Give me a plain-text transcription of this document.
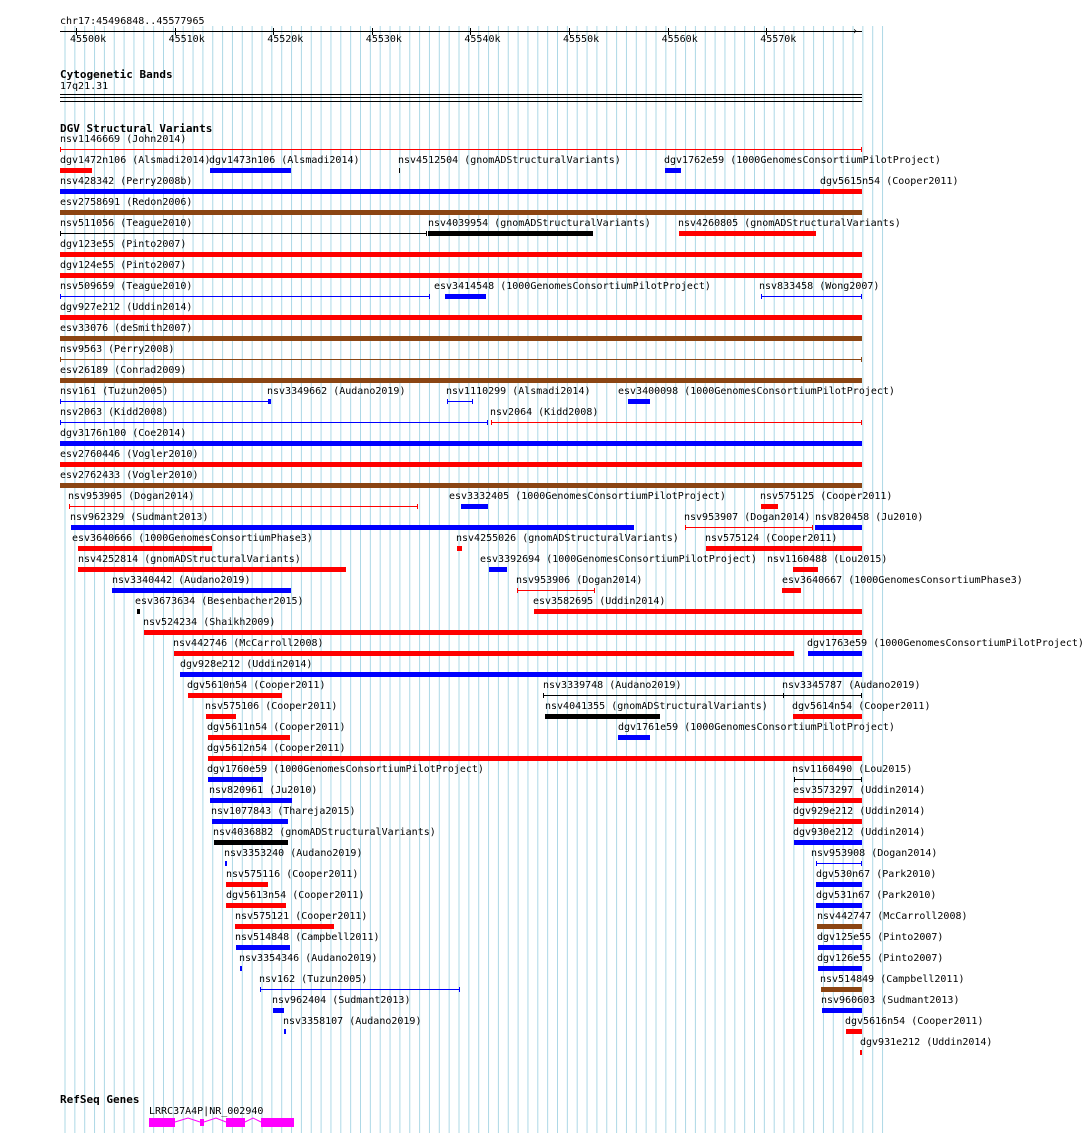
chr17:45496848..45577965
›
45500k	45510k	45520k	45530k	45540k	45550k	45560k	45570k
Cytogenetic Bands
17q21.31
DGV Structural Variants
nsv1146669 (John2014)
dgv1472n106 (Alsmadi2014)
dgv1473n106 (Alsmadi2014)	nsv4512504 (gnomADStructuralVariants)	dgv1762e59 (1000GenomesConsortiumPilotProject)
nsv428342 (Perry2008b)	dgv5615n54 (Cooper2011)
esv2758691 (Redon2006)
nsv511056 (Teague2010)	nsv4039954 (gnomADStructuralVariants)	nsv4260805 (gnomADStructuralVariants)
dgv123e55 (Pinto2007)
dgv124e55 (Pinto2007)
nsv509659 (Teague2010)	esv3414548 (1000GenomesConsortiumPilotProject)	nsv833458 (Wong2007)
dgv927e212 (Uddin2014)
esv33076 (deSmith2007)
nsv9563 (Perry2008)
esv26189 (Conrad2009)
nsv161 (Tuzun2005)	nsv3349662 (Audano2019)	nsv1110299 (Alsmadi2014)	esv3400098 (1000GenomesConsortiumPilotProject)
nsv2063 (Kidd2008)	nsv2064 (Kidd2008)
dgv3176n100 (Coe2014)
esv2760446 (Vogler2010)
esv2762433 (Vogler2010)
nsv953905 (Dogan2014)	esv3332405 (1000GenomesConsortiumPilotProject)	nsv575125 (Cooper2011)
nsv962329 (Sudmant2013)	nsv953907 (Dogan2014) nsv820458 (Ju2010)
esv3640666 (1000GenomesConsortiumPhase3)	nsv4255026 (gnomADStructuralVariants)	nsv575124 (Cooper2011)
nsv4252814 (gnomADStructuralVariants)	esv3392694 (1000GenomesConsortiumPilotProject) nsv1160488 (Lou2015)
nsv3340442 (Audano2019)	nsv953906 (Dogan2014)	esv3640667 (1000GenomesConsortiumPhase3)
esv3673634 (Besenbacher2015)	esv3582695 (Uddin2014)
nsv524234 (Shaikh2009)
nsv442746 (McCarroll2008)	dgv1763e59 (1000GenomesConsortiumPilotProject)
dgv928e212 (Uddin2014)
dgv5610n54 (Cooper2011)	nsv3339748 (Audano2019)	nsv3345787 (Audano2019)
nsv575106 (Cooper2011)	nsv4041355 (gnomADStructuralVariants) dgv5614n54 (Cooper2011)
dgv5611n54 (Cooper2011)	dgv1761e59 (1000GenomesConsortiumPilotProject)
dgv5612n54 (Cooper2011)
dgv1760e59 (1000GenomesConsortiumPilotProject)	nsv1160490 (Lou2015)
nsv820961 (Ju2010)	esv3573297 (Uddin2014)
nsv1077843 (Thareja2015)	dgv929e212 (Uddin2014)
nsv4036882 (gnomADStructuralVariants)	dgv930e212 (Uddin2014)
nsv3353240 (Audano2019)	nsv953908 (Dogan2014)
nsv575116 (Cooper2011)	dgv530n67 (Park2010)
dgv5613n54 (Cooper2011)	dgv531n67 (Park2010)
nsv575121 (Cooper2011)	nsv442747 (McCarroll2008)
nsv514848 (Campbell2011)	dgv125e55 (Pinto2007)
nsv3354346 (Audano2019)	dgv126e55 (Pinto2007)
nsv162 (Tuzun2005)	nsv514849 (Campbell2011)
nsv962404 (Sudmant2013)	nsv960603 (Sudmant2013)
nsv3358107 (Audano2019)	dgv5616n54 (Cooper2011)
dgv931e212 (Uddin2014)
RefSeq Genes
LRRC37A4P|NR_002940
